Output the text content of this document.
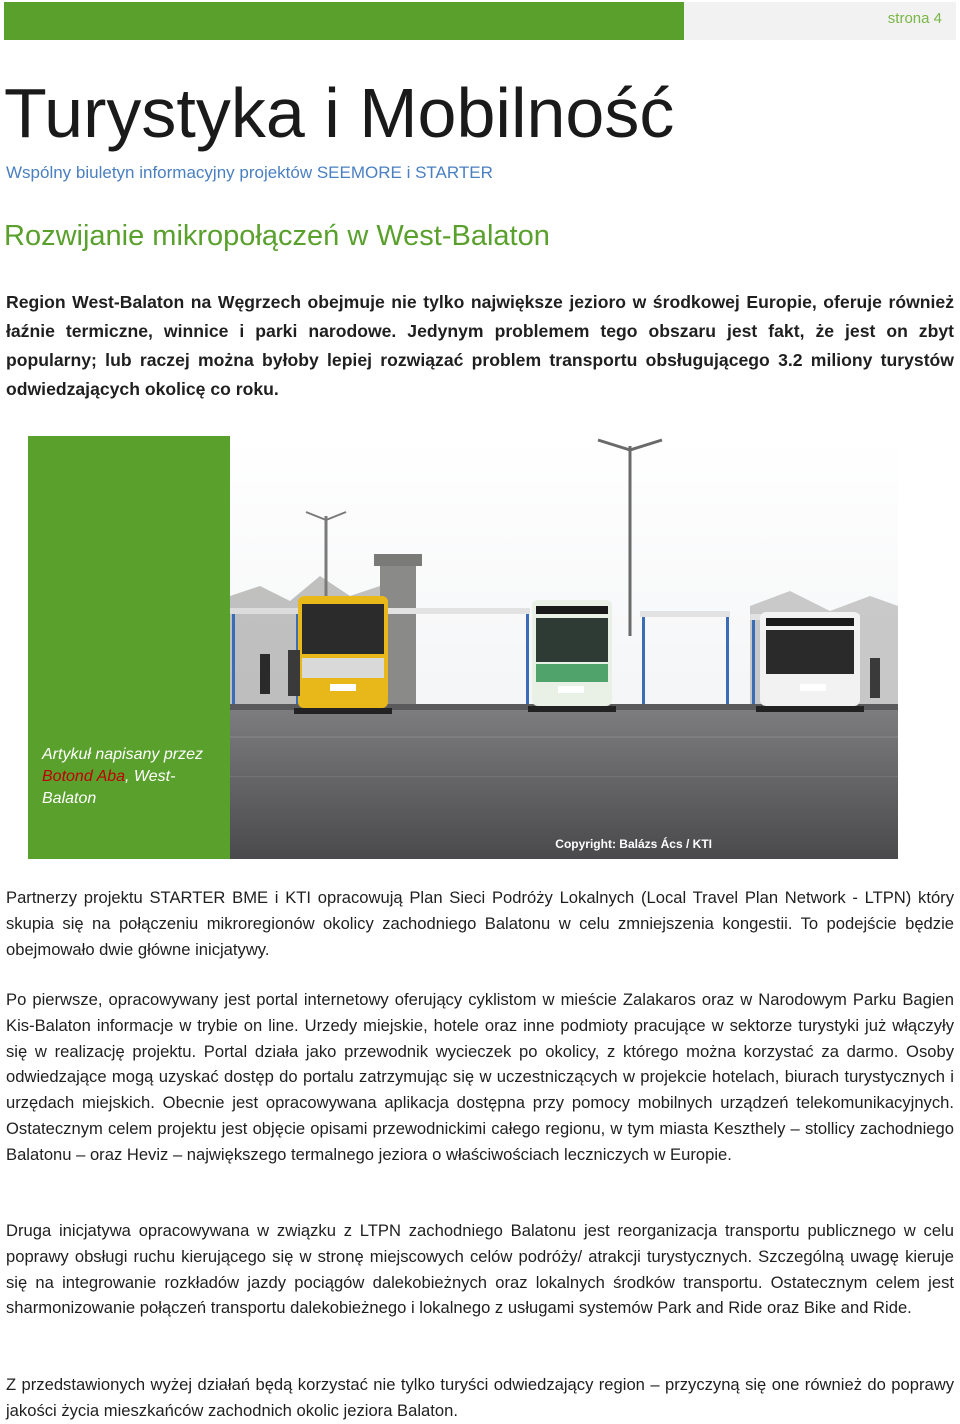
strona 4
Turystyka i Mobilność
Wspólny biuletyn informacyjny projektów SEEMORE i STARTER
Rozwijanie mikropołączeń w West-Balaton
Region West-Balaton na Węgrzech obejmuje nie tylko największe jezioro w środkowej Europie, oferuje również łaźnie termiczne, winnice i parki narodowe. Jedynym problemem tego obszaru jest fakt, że jest on zbyt popularny; lub raczej można byłoby lepiej rozwiązać problem transportu obsługującego 3.2 miliony turystów odwiedzających okolicę co roku.
Artykuł napisany przez
Botond Aba, West-Balaton
Copyright: Balázs Ács / KTI
Partnerzy projektu STARTER BME i KTI opracowują Plan Sieci Podróży Lokalnych (Local Travel Plan Network - LTPN) który skupia się na połączeniu mikroregionów okolicy zachodniego Balatonu w celu zmniejszenia kongestii. To podejście będzie obejmowało dwie główne inicjatywy.
Po pierwsze, opracowywany jest portal internetowy oferujący cyklistom w mieście Zalakaros oraz w Narodowym Parku Bagien Kis-Balaton informacje w trybie on line. Urzedy miejskie, hotele oraz inne podmioty pracujące w sektorze turystyki już włączyły się w realizację projektu. Portal działa jako przewodnik wycieczek po okolicy, z którego można korzystać za darmo. Osoby odwiedzające mogą uzyskać dostęp do portalu zatrzymując się w uczestniczących w projekcie hotelach, biurach turystycznych i urzędach miejskich. Obecnie jest opracowywana aplikacja dostępna przy pomocy mobilnych urządzeń telekomunikacyjnych. Ostatecznym celem projektu jest objęcie opisami przewodnickimi całego regionu, w tym miasta Keszthely – stollicy zachodniego Balatonu – oraz Heviz – największego termalnego jeziora o właściwościach leczniczych w Europie.
Druga inicjatywa opracowywana w związku z LTPN zachodniego Balatonu jest reorganizacja transportu publicznego w celu poprawy obsługi ruchu kierującego się w stronę miejscowych celów podróży/ atrakcji turystycznych. Szczególną uwagę kieruje się na integrowanie rozkładów jazdy pociągów dalekobieżnych oraz lokalnych środków transportu. Ostatecznym celem jest sharmonizowanie połączeń transportu dalekobieżnego i lokalnego z usługami systemów Park and Ride oraz Bike and Ride.
Z przedstawionych wyżej działań będą korzystać nie tylko turyści odwiedzający region – przyczyną się one również do poprawy jakości życia mieszkańców zachodnich okolic jeziora Balaton.
